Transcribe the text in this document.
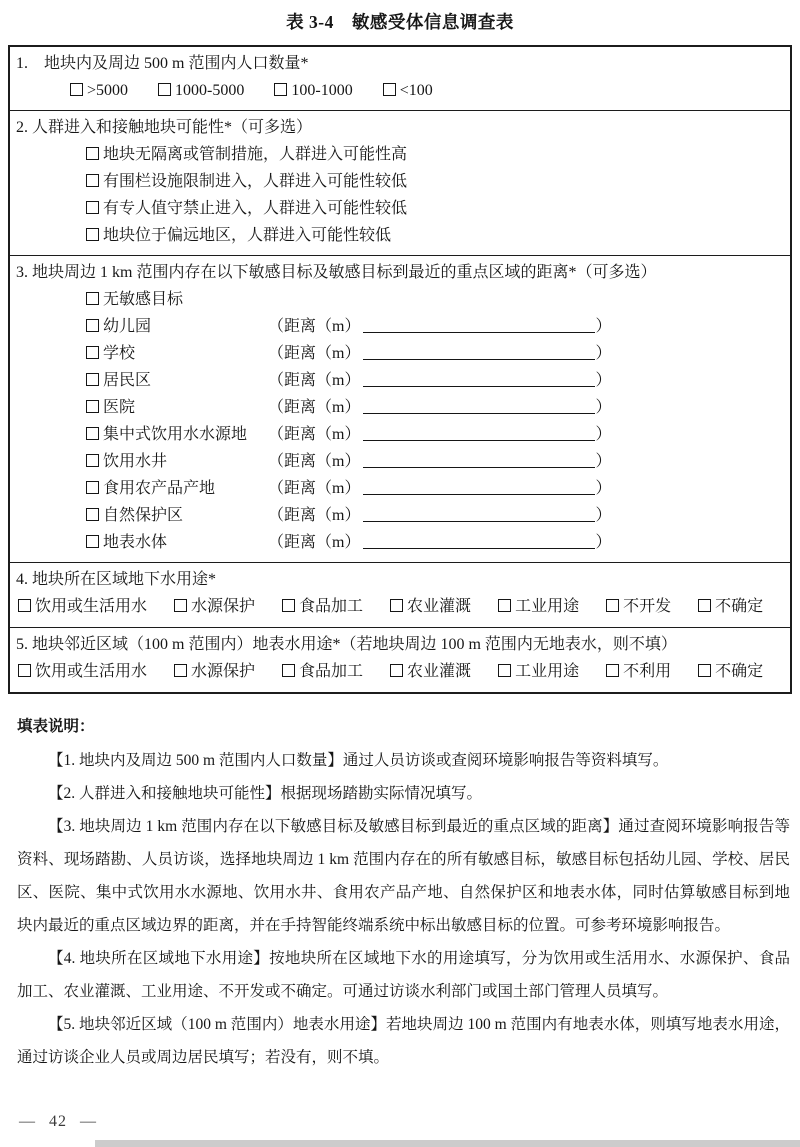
表 3-4　敏感受体信息调查表
1.　地块内及周边 500 m 范围内人口数量*
>5000	1000-5000	100-1000	<100
2. 人群进入和接触地块可能性*（可多选）
地块无隔离或管制措施，人群进入可能性高
有围栏设施限制进入，人群进入可能性较低
有专人值守禁止进入，人群进入可能性较低
地块位于偏远地区，人群进入可能性较低
3. 地块周边 1 km 范围内存在以下敏感目标及敏感目标到最近的重点区域的距离*（可多选）
无敏感目标
幼儿园	（距离（m）	）
学校	（距离（m）	）
居民区	（距离（m）	）
医院	（距离（m）	）
集中式饮用水水源地	（距离（m）	）
饮用水井	（距离（m）	）
食用农产品产地	（距离（m）	）
自然保护区	（距离（m）	）
地表水体	（距离（m）	）
4. 地块所在区域地下水用途*
饮用或生活用水	水源保护	食品加工	农业灌溉	工业用途	不开发	不确定
5. 地块邻近区域（100 m 范围内）地表水用途*（若地块周边 100 m 范围内无地表水，则不填）
饮用或生活用水	水源保护	食品加工	农业灌溉	工业用途	不利用	不确定
填表说明：

【1. 地块内及周边 500 m 范围内人口数量】通过人员访谈或查阅环境影响报告等资料填写。

【2. 人群进入和接触地块可能性】根据现场踏勘实际情况填写。

【3. 地块周边 1 km 范围内存在以下敏感目标及敏感目标到最近的重点区域的距离】通过查阅环境影响报告等资料、现场踏勘、人员访谈，选择地块周边 1 km 范围内存在的所有敏感目标，敏感目标包括幼儿园、学校、居民区、医院、集中式饮用水水源地、饮用水井、食用农产品产地、自然保护区和地表水体，同时估算敏感目标到地块内最近的重点区域边界的距离，并在手持智能终端系统中标出敏感目标的位置。可参考环境影响报告。

【4. 地块所在区域地下水用途】按地块所在区域地下水的用途填写，分为饮用或生活用水、水源保护、食品加工、农业灌溉、工业用途、不开发或不确定。可通过访谈水利部门或国土部门管理人员填写。

【5. 地块邻近区域（100 m 范围内）地表水用途】若地块周边 100 m 范围内有地表水体，则填写地表水用途，通过访谈企业人员或周边居民填写；若没有，则不填。

— 42 —
